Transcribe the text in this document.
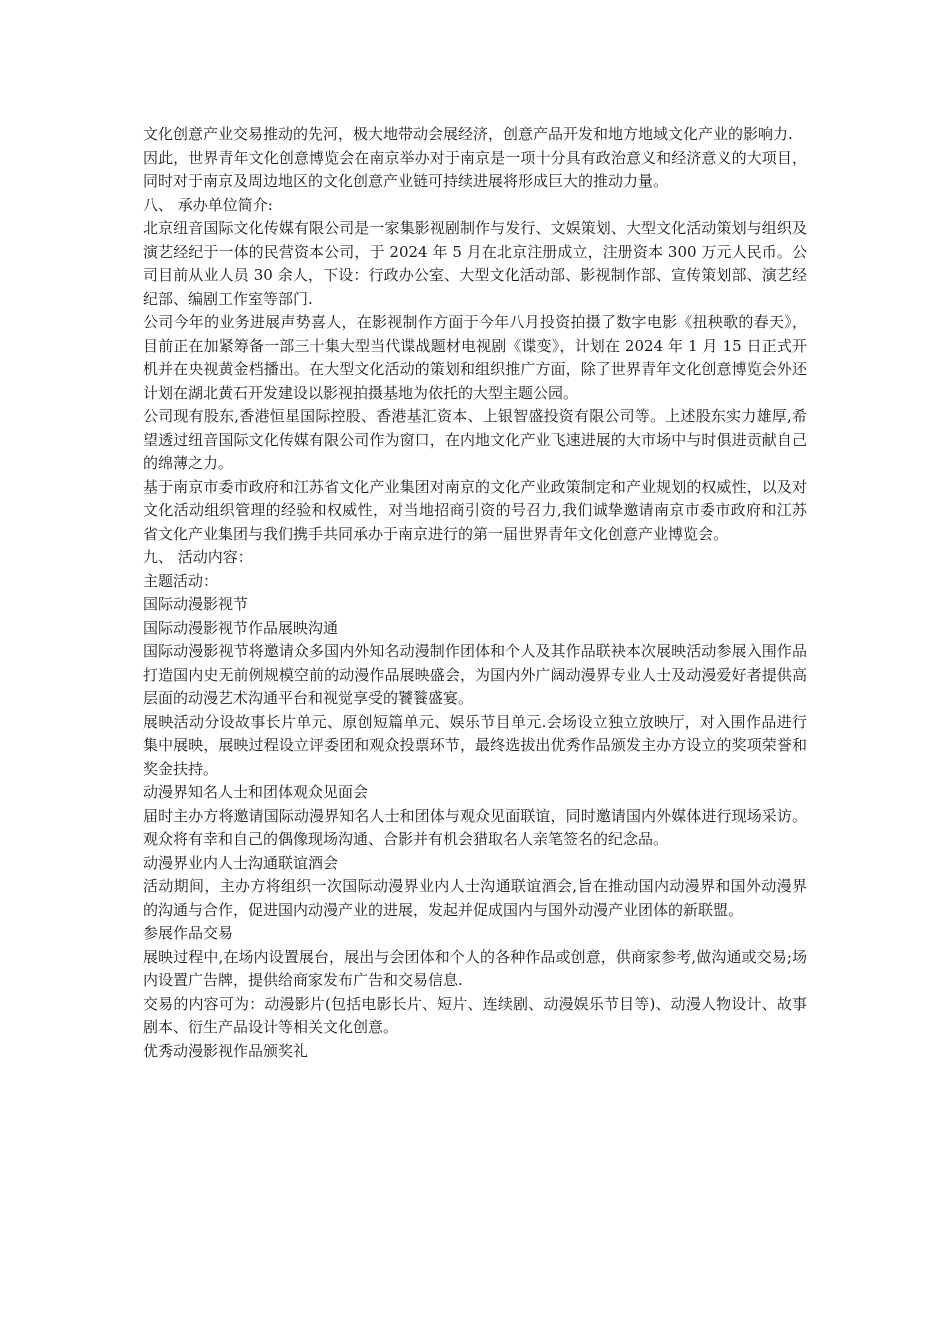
文化创意产业交易推动的先河，极大地带动会展经济，创意产品开发和地方地域文化产业的影响力.

因此，世界青年文化创意博览会在南京举办对于南京是一项十分具有政治意义和经济意义的大项目，同时对于南京及周边地区的文化创意产业链可持续进展将形成巨大的推动力量。

八、 承办单位简介:

北京纽音国际文化传媒有限公司是一家集影视剧制作与发行、文娱策划、大型文化活动策划与组织及演艺经纪于一体的民营资本公司，于 2024 年 5 月在北京注册成立，注册资本 300 万元人民币。公司目前从业人员 30 余人，下设：行政办公室、大型文化活动部、影视制作部、宣传策划部、演艺经纪部、编剧工作室等部门.

公司今年的业务进展声势喜人，在影视制作方面于今年八月投资拍摄了数字电影《扭秧歌的春天》，目前正在加紧筹备一部三十集大型当代谍战题材电视剧《谍变》，计划在 2024 年 1 月 15 日正式开机并在央视黄金档播出。在大型文化活动的策划和组织推广方面，除了世界青年文化创意博览会外还计划在湖北黄石开发建设以影视拍摄基地为依托的大型主题公园。

公司现有股东,香港恒星国际控股、香港基汇资本、上银智盛投资有限公司等。上述股东实力雄厚,希望透过纽音国际文化传媒有限公司作为窗口，在内地文化产业飞速进展的大市场中与时俱进贡献自己的绵薄之力。

基于南京市委市政府和江苏省文化产业集团对南京的文化产业政策制定和产业规划的权威性，以及对文化活动组织管理的经验和权威性，对当地招商引资的号召力,我们诚挚邀请南京市委市政府和江苏省文化产业集团与我们携手共同承办于南京进行的第一届世界青年文化创意产业博览会。

九、 活动内容：

主题活动：

国际动漫影视节

国际动漫影视节作品展映沟通

国际动漫影视节将邀请众多国内外知名动漫制作团体和个人及其作品联袂本次展映活动参展入围作品打造国内史无前例规模空前的动漫作品展映盛会，为国内外广阔动漫界专业人士及动漫爱好者提供高层面的动漫艺术沟通平台和视觉享受的饕餮盛宴。

展映活动分设故事长片单元、原创短篇单元、娱乐节目单元.会场设立独立放映厅，对入围作品进行集中展映，展映过程设立评委团和观众投票环节，最终选拔出优秀作品颁发主办方设立的奖项荣誉和奖金扶持。

动漫界知名人士和团体观众见面会

届时主办方将邀请国际动漫界知名人士和团体与观众见面联谊，同时邀请国内外媒体进行现场采访。观众将有幸和自己的偶像现场沟通、合影并有机会猎取名人亲笔签名的纪念品。

动漫界业内人士沟通联谊酒会

活动期间，主办方将组织一次国际动漫界业内人士沟通联谊酒会,旨在推动国内动漫界和国外动漫界的沟通与合作，促进国内动漫产业的进展，发起并促成国内与国外动漫产业团体的新联盟。

参展作品交易

展映过程中,在场内设置展台，展出与会团体和个人的各种作品或创意，供商家参考,做沟通或交易;场内设置广告牌，提供给商家发布广告和交易信息.

交易的内容可为：动漫影片(包括电影长片、短片、连续剧、动漫娱乐节目等)、动漫人物设计、故事剧本、衍生产品设计等相关文化创意。

优秀动漫影视作品颁奖礼
